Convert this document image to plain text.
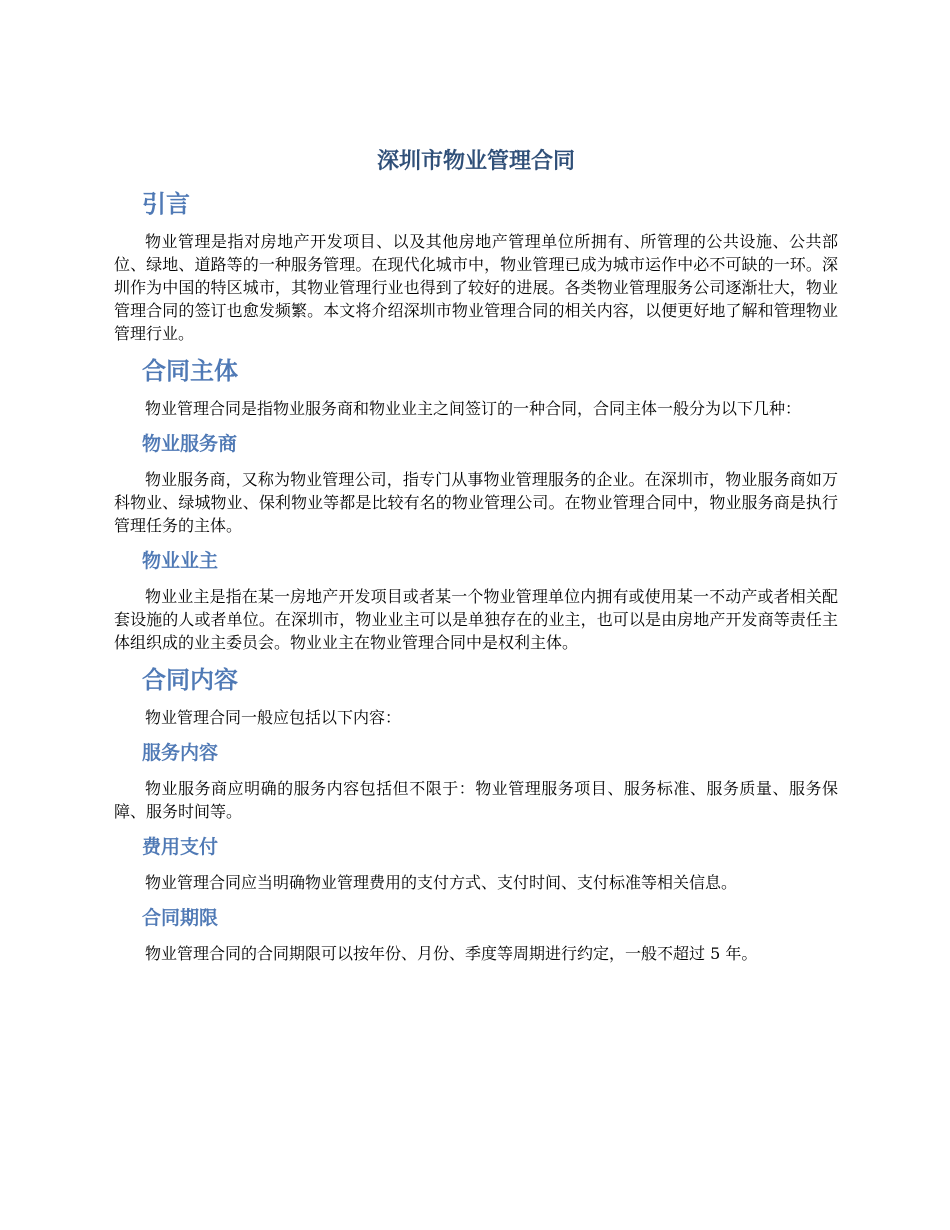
深圳市物业管理合同
引言

物业管理是指对房地产开发项目、以及其他房地产管理单位所拥有、所管理的公共设施、公共部位、绿地、道路等的一种服务管理。在现代化城市中，物业管理已成为城市运作中必不可缺的一环。深圳作为中国的特区城市，其物业管理行业也得到了较好的进展。各类物业管理服务公司逐渐壮大，物业管理合同的签订也愈发频繁。本文将介绍深圳市物业管理合同的相关内容，以便更好地了解和管理物业管理行业。

合同主体

物业管理合同是指物业服务商和物业业主之间签订的一种合同，合同主体一般分为以下几种：

物业服务商

物业服务商，又称为物业管理公司，指专门从事物业管理服务的企业。在深圳市，物业服务商如万科物业、绿城物业、保利物业等都是比较有名的物业管理公司。在物业管理合同中，物业服务商是执行管理任务的主体。

物业业主

物业业主是指在某一房地产开发项目或者某一个物业管理单位内拥有或使用某一不动产或者相关配套设施的人或者单位。在深圳市，物业业主可以是单独存在的业主，也可以是由房地产开发商等责任主体组织成的业主委员会。物业业主在物业管理合同中是权利主体。

合同内容

物业管理合同一般应包括以下内容：

服务内容

物业服务商应明确的服务内容包括但不限于：物业管理服务项目、服务标准、服务质量、服务保障、服务时间等。

费用支付

物业管理合同应当明确物业管理费用的支付方式、支付时间、支付标准等相关信息。

合同期限

物业管理合同的合同期限可以按年份、月份、季度等周期进行约定，一般不超过 5 年。
